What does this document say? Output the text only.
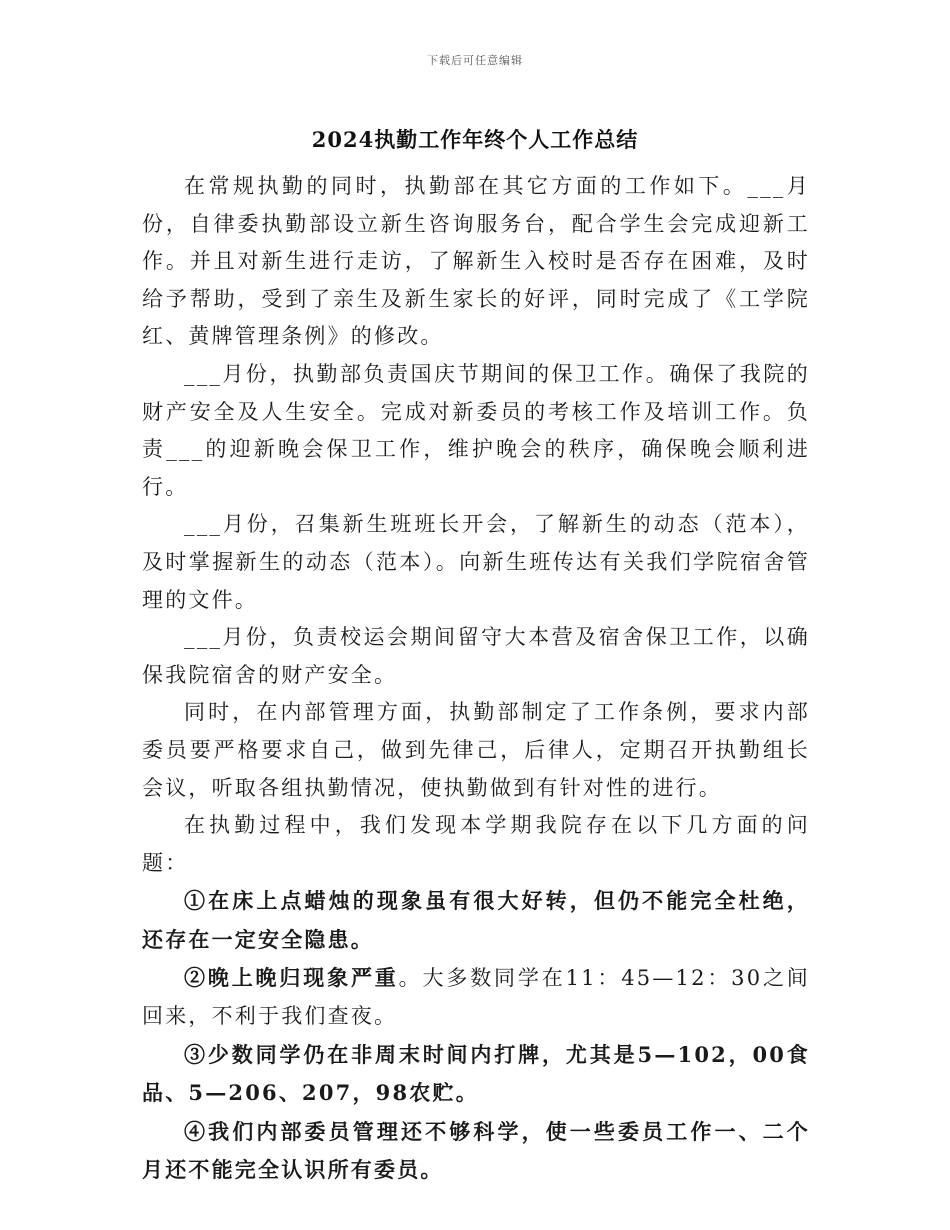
下载后可任意编辑
2024执勤工作年终个人工作总结

在常规执勤的同时，执勤部在其它方面的工作如下。___月份，自律委执勤部设立新生咨询服务台，配合学生会完成迎新工作。并且对新生进行走访，了解新生入校时是否存在困难，及时给予帮助，受到了亲生及新生家长的好评，同时完成了《工学院红、黄牌管理条例》的修改。

___月份，执勤部负责国庆节期间的保卫工作。确保了我院的财产安全及人生安全。完成对新委员的考核工作及培训工作。负责___的迎新晚会保卫工作，维护晚会的秩序，确保晚会顺利进行。

___月份，召集新生班班长开会，了解新生的动态（范本），及时掌握新生的动态（范本）。向新生班传达有关我们学院宿舍管理的文件。

___月份，负责校运会期间留守大本营及宿舍保卫工作，以确保我院宿舍的财产安全。

同时，在内部管理方面，执勤部制定了工作条例，要求内部委员要严格要求自己，做到先律己，后律人，定期召开执勤组长会议，听取各组执勤情况，使执勤做到有针对性的进行。

在执勤过程中，我们发现本学期我院存在以下几方面的问题：

①在床上点蜡烛的现象虽有很大好转，但仍不能完全杜绝，还存在一定安全隐患。

②晚上晚归现象严重。大多数同学在11：45—12：30之间回来，不利于我们查夜。

③少数同学仍在非周末时间内打牌，尤其是5—102，00食品、5—206、207，98农贮。

④我们内部委员管理还不够科学，使一些委员工作一、二个月还不能完全认识所有委员。
